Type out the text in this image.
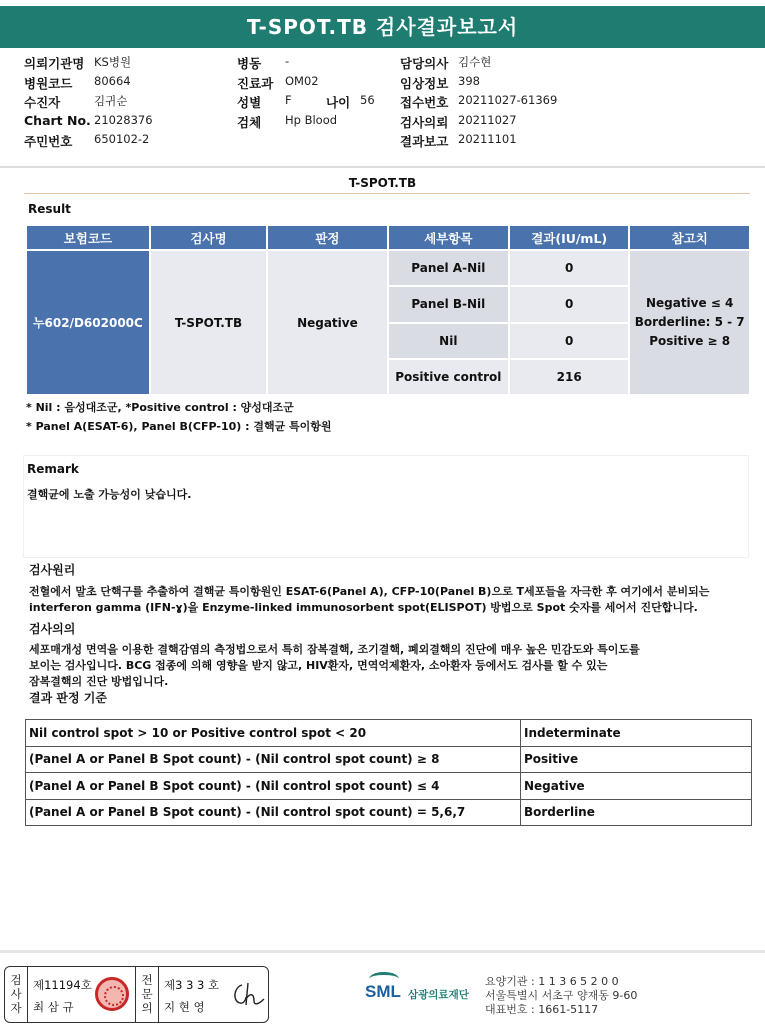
T-SPOT.TB 검사결과보고서
의뢰기관명 KS병원	병동 -	담당의사 김수현
병원코드 80664	진료과 OM02	임상정보 398
수진자	김귀순	성별 F	나이 56 접수번호 20211027-61369
Chart No. 21028376	검체 Hp Blood	검사의뢰 20211027
주민번호 650102-2	결과보고 20211101
T-SPOT.TB
Result
보험코드	검사명	판정	세부항목	결과(IU/mL)	참고치
누602/D602000C	T-SPOT.TB	Negative	Panel A-Nil	0	Negative ≤ 4
Borderline: 5 - 7
Positive ≥ 8

			Panel B-Nil	0	
			Nil	0	
			Positive control	216	
* Nil : 음성대조군, *Positive control : 양성대조군
* Panel A(ESAT-6), Panel B(CFP-10) : 결핵균 특이항원
Remark
결핵균에 노출 가능성이 낮습니다.
검사원리
전혈에서 말초 단핵구를 추출하여 결핵균 특이항원인 ESAT-6(Panel A), CFP-10(Panel B)으로 T세포들을 자극한 후 여기에서 분비되는
interferon gamma (IFN-ɣ)을 Enzyme-linked immunosorbent spot(ELISPOT) 방법으로 Spot 숫자를 세어서 진단합니다.
검사의의
세포매개성 면역을 이용한 결핵감염의 측정법으로서 특히 잠복결핵, 조기결핵, 폐외결핵의 진단에 매우 높은 민감도와 특이도를
보이는 검사입니다. BCG 접종에 의해 영향을 받지 않고, HIV환자, 면역억제환자, 소아환자 등에서도 검사를 할 수 있는
잠복결핵의 진단 방법입니다.
결과 판정 기준
Nil control spot > 10 or Positive control spot < 20	Indeterminate
(Panel A or Panel B Spot count) - (Nil control spot count) ≥ 8	Positive
(Panel A or Panel B Spot count) - (Nil control spot count) ≤ 4	Negative
(Panel A or Panel B Spot count) - (Nil control spot count) = 5,6,7	Borderline
검사자
제11194호
최 삼 규
전문의
제3 3 3 호
지 현 영
SML 삼광의료재단
요양기관 : 1 1 3 6 5 2 0 0
서울특별시 서초구 양재동 9-60
대표번호 : 1661-5117
